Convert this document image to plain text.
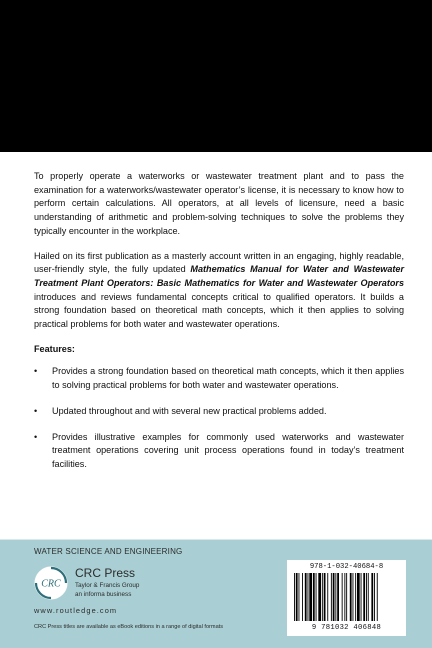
Mathematics Manual for Water and Wastewater Treatment Plant Operators
Third Edition
Basic Mathematics for Water
and Wastewater Operators

To properly operate a waterworks or wastewater treatment plant and to pass the examination for a waterworks/wastewater operator’s license, it is necessary to know how to perform certain calculations. All operators, at all levels of licensure, need a basic understanding of arithmetic and problem-solving techniques to solve the problems they typically encounter in the workplace.

Hailed on its first publication as a masterly account written in an engaging, highly readable, user-friendly style, the fully updated Mathematics Manual for Water and Wastewater Treatment Plant Operators: Basic Mathematics for Water and Wastewater Operators introduces and reviews fundamental concepts critical to qualified operators. It builds a strong foundation based on theoretical math concepts, which it then applies to solving practical problems for both water and wastewater operations.

Features:

• Provides a strong foundation based on theoretical math concepts, which it then applies to solving practical problems for both water and wastewater operations.
• Updated throughout and with several new practical problems added.
• Provides illustrative examples for commonly used waterworks and wastewater treatment operations covering unit process operations found in today’s treatment facilities.
WATER SCIENCE AND ENGINEERING
CRC
CRC Press
Taylor & Francis Group
an informa business
www.routledge.com
CRC Press titles are available as eBook editions in a range of digital formats
978-1-032-40684-8
9 781032 406848
